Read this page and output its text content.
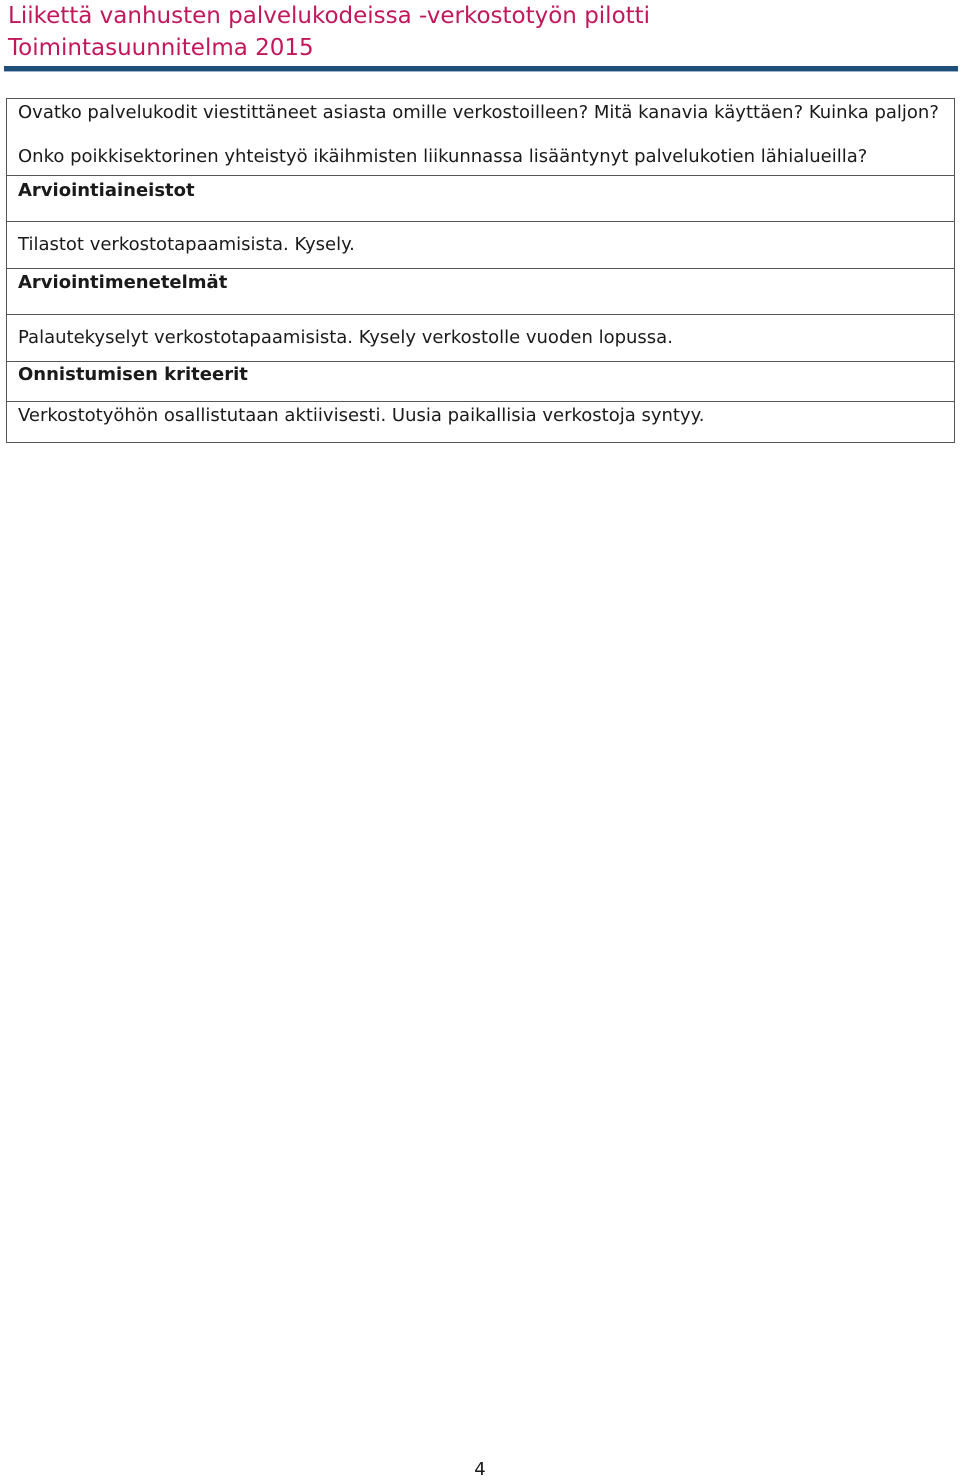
Liikettä vanhusten palvelukodeissa -verkostotyön pilotti
Toimintasuunnitelma 2015

Ovatko palvelukodit viestittäneet asiasta omille verkostoilleen? Mitä kanavia käyttäen? Kuinka paljon?

Onko poikkisektorinen yhteistyö ikäihmisten liikunnassa lisääntynyt palvelukotien lähialueilla?

Arviointiaineistot
Tilastot verkostotapaamisista. Kysely.
Arviointimenetelmät
Palautekyselyt verkostotapaamisista. Kysely verkostolle vuoden lopussa.
Onnistumisen kriteerit
Verkostotyöhön osallistutaan aktiivisesti. Uusia paikallisia verkostoja syntyy.
4
